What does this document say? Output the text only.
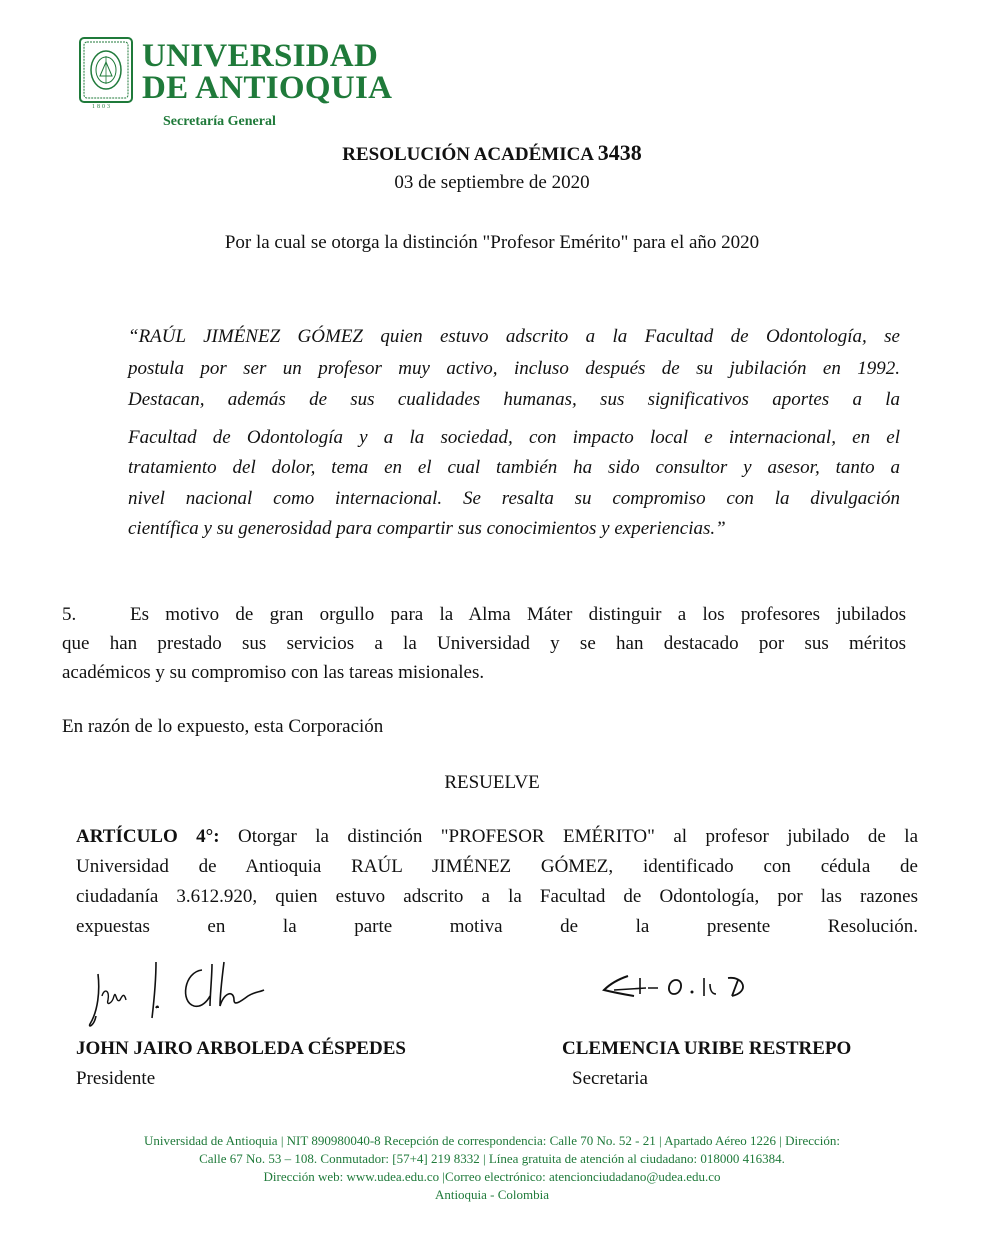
UNIVERSIDAD
DE ANTIOQUIA
1803
Secretaría General
RESOLUCIÓN ACADÉMICA 3438
03 de septiembre de 2020
Por la cual se otorga la distinción "Profesor Emérito" para el año 2020
“RAÚL JIMÉNEZ GÓMEZ quien estuvo adscrito a la Facultad de Odontología, se
postula por ser un profesor muy activo, incluso después de su jubilación en 1992.
Destacan, además de sus cualidades humanas, sus significativos aportes a la
Facultad de Odontología y a la sociedad, con impacto local e internacional, en el
tratamiento del dolor, tema en el cual también ha sido consultor y asesor, tanto a
nivel nacional como internacional. Se resalta su compromiso con la divulgación
científica y su generosidad para compartir sus conocimientos y experiencias.”
5.	Es motivo de gran orgullo para la Alma Máter distinguir a los profesores jubilados
que han prestado sus servicios a la Universidad y se han destacado por sus méritos
académicos y su compromiso con las tareas misionales.
En razón de lo expuesto, esta Corporación
RESUELVE
ARTÍCULO 4°: Otorgar la distinción "PROFESOR EMÉRITO" al profesor jubilado de la
Universidad de Antioquia RAÚL JIMÉNEZ GÓMEZ, identificado con cédula de
ciudadanía 3.612.920, quien estuvo adscrito a la Facultad de Odontología, por las razones
expuestas en la parte motiva de la presente Resolución.
JOHN JAIRO ARBOLEDA CÉSPEDES
Presidente
CLEMENCIA URIBE RESTREPO
Secretaria
Universidad de Antioquia | NIT 890980040-8 Recepción de correspondencia: Calle 70 No. 52 - 21 | Apartado Aéreo 1226 | Dirección:
Calle 67 No. 53 – 108. Conmutador: [57+4] 219 8332 | Línea gratuita de atención al ciudadano: 018000 416384.
Dirección web: www.udea.edu.co |Correo electrónico: atencionciudadano@udea.edu.co
Antioquia - Colombia
